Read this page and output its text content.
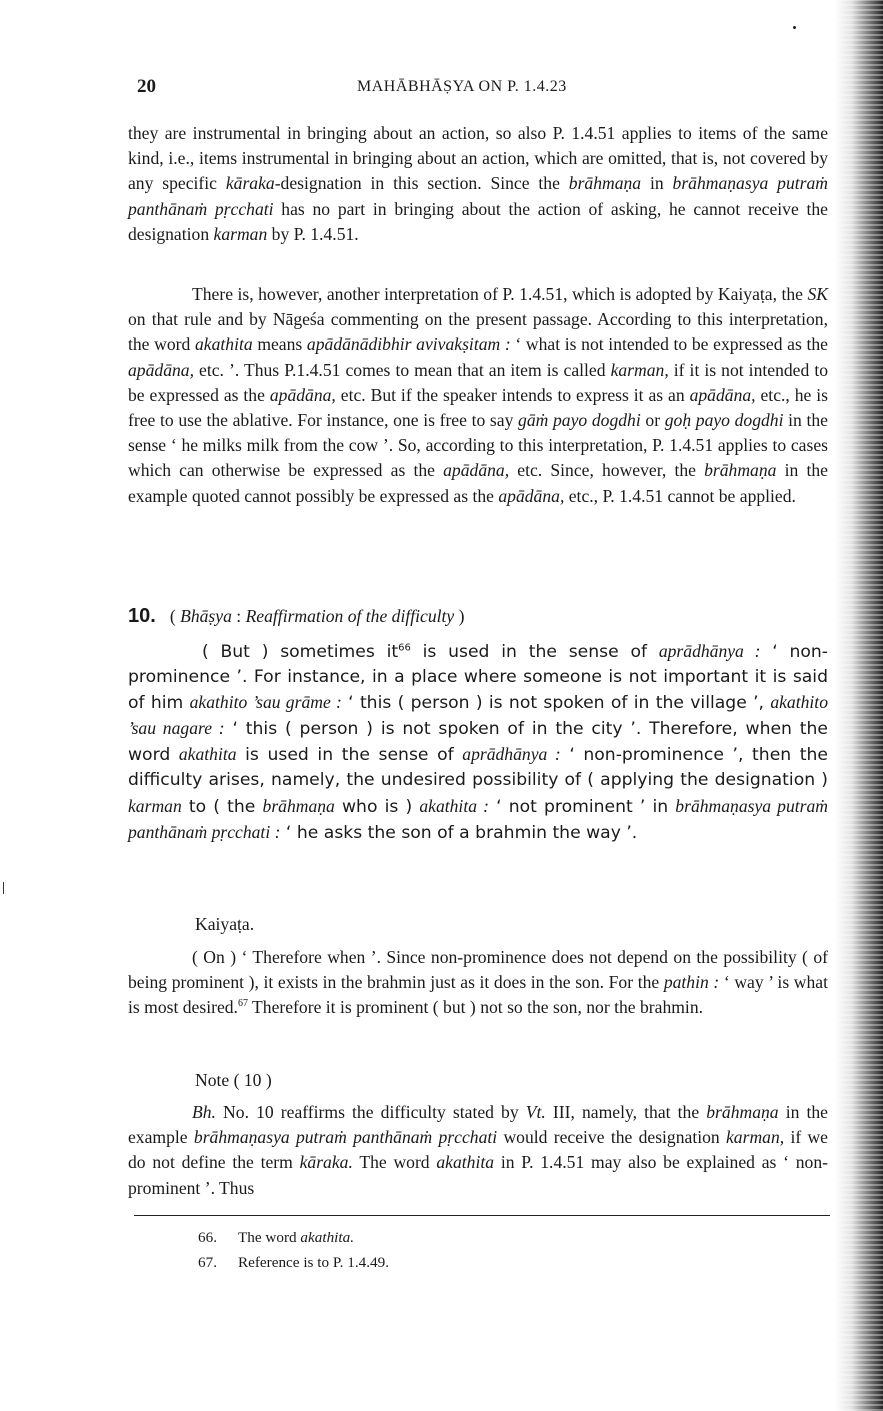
20	MAHĀBHĀṢYA ON P. 1.4.23

they are instrumental in bringing about an action, so also P. 1.4.51 applies to items of the same kind, i.e., items instrumental in bringing about an action, which are omitted, that is, not covered by any specific kāraka-designation in this section. Since the brāhmaṇa in brāhmaṇasya putraṁ panthānaṁ pṛcchati has no part in bringing about the action of asking, he cannot receive the designation karman by P. 1.4.51.

There is, however, another interpretation of P. 1.4.51, which is adopted by Kaiyaṭa, the SK on that rule and by Nāgeśa commenting on the present passage. According to this interpretation, the word akathita means apādānādibhir avivakṣitam : ‘ what is not intended to be expressed as the apādāna, etc. ’. Thus P.1.4.51 comes to mean that an item is called karman, if it is not intended to be expressed as the apādāna, etc. But if the speaker intends to express it as an apādāna, etc., he is free to use the ablative. For instance, one is free to say gāṁ payo dogdhi or goḥ payo dogdhi in the sense ‘ he milks milk from the cow ’. So, according to this interpretation, P. 1.4.51 applies to cases which can otherwise be expressed as the apādāna, etc. Since, however, the brāhmaṇa in the example quoted cannot possibly be expressed as the apādāna, etc., P. 1.4.51 cannot be applied.

10. ( Bhāṣya : Reaffirmation of the difficulty )

( But ) sometimes $it^{66}$ is used in the sense of aprādhānya : ‘ non-prominence ’. For instance, in a place where someone is not important it is said of him akathito ’sau grāme : ‘ this ( person ) is not spoken of in the village ’, akathito ’sau nagare : ‘ this ( person ) is not spoken of in the city ’. Therefore, when the word akathita is used in the sense of aprādhānya : ‘ non-prominence ’, then the difficulty arises, namely, the undesired possibility of ( applying the designation ) karman to ( the brāhmaṇa who is ) akathita : ‘ not prominent ’ in brāhmaṇasya putraṁ panthānaṁ pṛcchati : ‘ he asks the son of a brahmin the way ’.

Kaiyaṭa.

( On ) ‘ Therefore when ’. Since non-prominence does not depend on the possibility ( of being prominent ), it exists in the brahmin just as it does in the son. For the pathin : ‘ way ’ is what is most desired.$^{67}$ Therefore it is prominent ( but ) not so the son, nor the brahmin.

Note ( 10 )

Bh. No. 10 reaffirms the difficulty stated by Vt. III, namely, that the brāhmaṇa in the example brāhmaṇasya putraṁ panthānaṁ pṛcchati would receive the designation karman, if we do not define the term kāraka. The word akathita in P. 1.4.51 may also be explained as ‘ non-prominent ’. Thus

66. The word akathita.
67. Reference is to P. 1.4.49.
